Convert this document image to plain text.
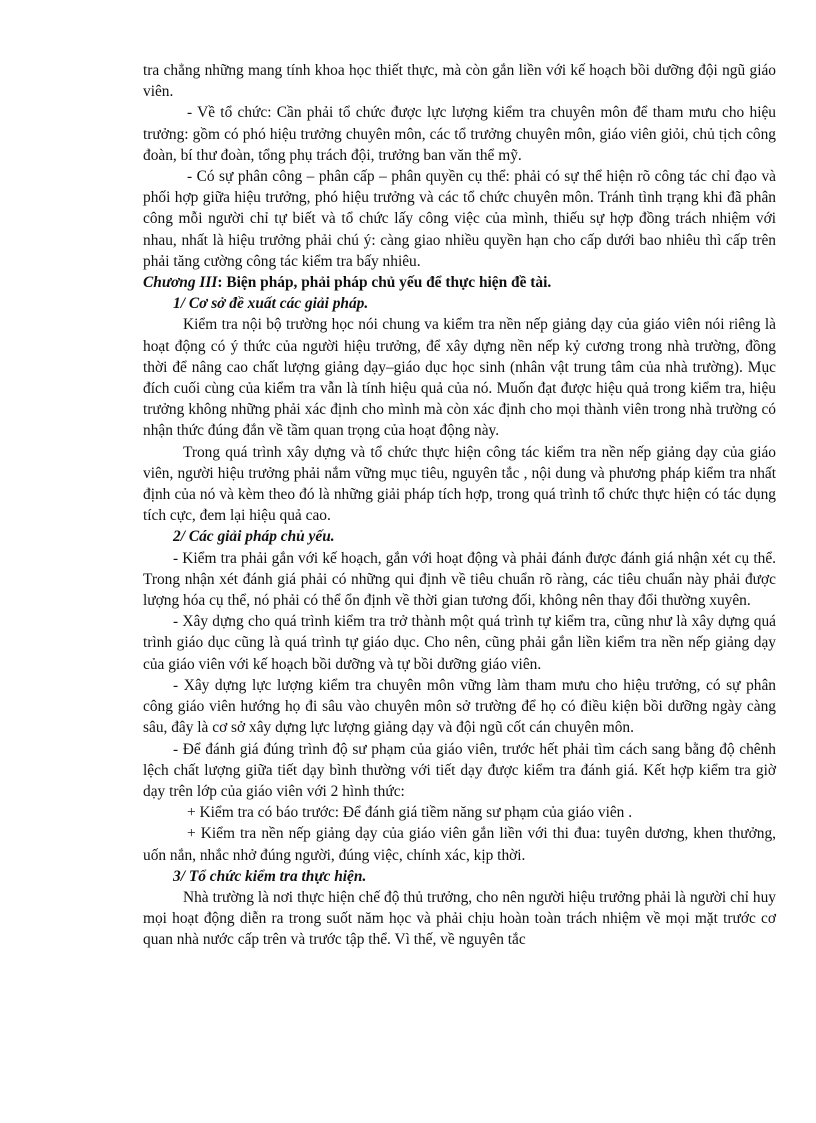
tra chẳng những mang tính khoa học thiết thực, mà còn gắn liền với kế hoạch bồi dưỡng đội ngũ giáo viên.

- Về tổ chức: Cần phải tổ chức được lực lượng kiểm tra chuyên môn để tham mưu cho hiệu trưởng: gồm có phó hiệu trưởng chuyên môn, các tổ trưởng chuyên môn, giáo viên giỏi, chủ tịch công đoàn, bí thư đoàn, tổng phụ trách đội, trưởng ban văn thể mỹ.

- Có sự phân công – phân cấp – phân quyền cụ thể: phải có sự thể hiện rõ công tác chỉ đạo và phối hợp giữa hiệu trưởng, phó hiệu trưởng và các tổ chức chuyên môn. Tránh tình trạng khi đã phân công mỗi người chỉ tự biết và tổ chức lấy công việc của mình, thiếu sự hợp đồng trách nhiệm với nhau, nhất là hiệu trưởng phải chú ý: càng giao nhiều quyền hạn cho cấp dưới bao nhiêu thì cấp trên phải tăng cường công tác kiểm tra bấy nhiêu.

Chương III: Biện pháp, phải pháp chủ yếu để thực hiện đề tài.

1/ Cơ sở đề xuất các giải pháp.

Kiểm tra nội bộ trường học nói chung va kiểm tra nền nếp giảng dạy của giáo viên nói riêng là hoạt động có ý thức của người hiệu trưởng, để xây dựng nền nếp kỷ cương trong nhà trường, đồng thời để nâng cao chất lượng giảng dạy–giáo dục học sinh (nhân vật trung tâm của nhà trường). Mục đích cuối cùng của kiểm tra vẫn là tính hiệu quả của nó. Muốn đạt được hiệu quả trong kiểm tra, hiệu trưởng không những phải xác định cho mình mà còn xác định cho mọi thành viên trong nhà trường có nhận thức đúng đắn về tầm quan trọng của hoạt động này.

Trong quá trình xây dựng và tổ chức thực hiện công tác kiểm tra nền nếp giảng dạy của giáo viên, người hiệu trưởng phải nắm vững mục tiêu, nguyên tắc , nội dung và phương pháp kiểm tra nhất định của nó và kèm theo đó là những giải pháp tích hợp, trong quá trình tổ chức thực hiện có tác dụng tích cực, đem lại hiệu quả cao.

2/ Các giải pháp chủ yếu.

- Kiểm tra phải gắn với kế hoạch, gắn với hoạt động và phải đánh được đánh giá nhận xét cụ thể. Trong nhận xét đánh giá phải có những qui định về tiêu chuẩn rõ ràng, các tiêu chuẩn này phải được lượng hóa cụ thể, nó phải có thể ổn định về thời gian tương đối, không nên thay đổi thường xuyên.

- Xây dựng cho quá trình kiểm tra trở thành một quá trình tự kiểm tra, cũng như là xây dựng quá trình giáo dục cũng là quá trình tự giáo dục. Cho nên, cũng phải gắn liền kiểm tra nền nếp giảng dạy của giáo viên với kế hoạch bồi dưỡng và tự bồi dưỡng giáo viên.

- Xây dựng lực lượng kiểm tra chuyên môn vững làm tham mưu cho hiệu trưởng, có sự phân công giáo viên hướng họ đi sâu vào chuyên môn sở trường để họ có điều kiện bồi dưỡng ngày càng sâu, đây là cơ sở xây dựng lực lượng giảng dạy và đội ngũ cốt cán chuyên môn.

- Để đánh giá đúng trình độ sư phạm của giáo viên, trước hết phải tìm cách sang bằng độ chênh lệch chất lượng giữa tiết dạy bình thường với tiết dạy được kiểm tra đánh giá. Kết hợp kiểm tra giờ dạy trên lớp của giáo viên với 2 hình thức:

+ Kiểm tra có báo trước: Để đánh giá tiềm năng sư phạm của giáo viên .

+ Kiểm tra nền nếp giảng dạy của giáo viên gắn liền với thi đua: tuyên dương, khen thưởng, uốn nắn, nhắc nhở đúng người, đúng việc, chính xác, kịp thời.

3/ Tổ chức kiểm tra thực hiện.

Nhà trường là nơi thực hiện chế độ thủ trưởng, cho nên người hiệu trưởng phải là người chỉ huy mọi hoạt động diễn ra trong suốt năm học và phải chịu hoàn toàn trách nhiệm về mọi mặt trước cơ quan nhà nước cấp trên và trước tập thể. Vì thế, về nguyên tắc
